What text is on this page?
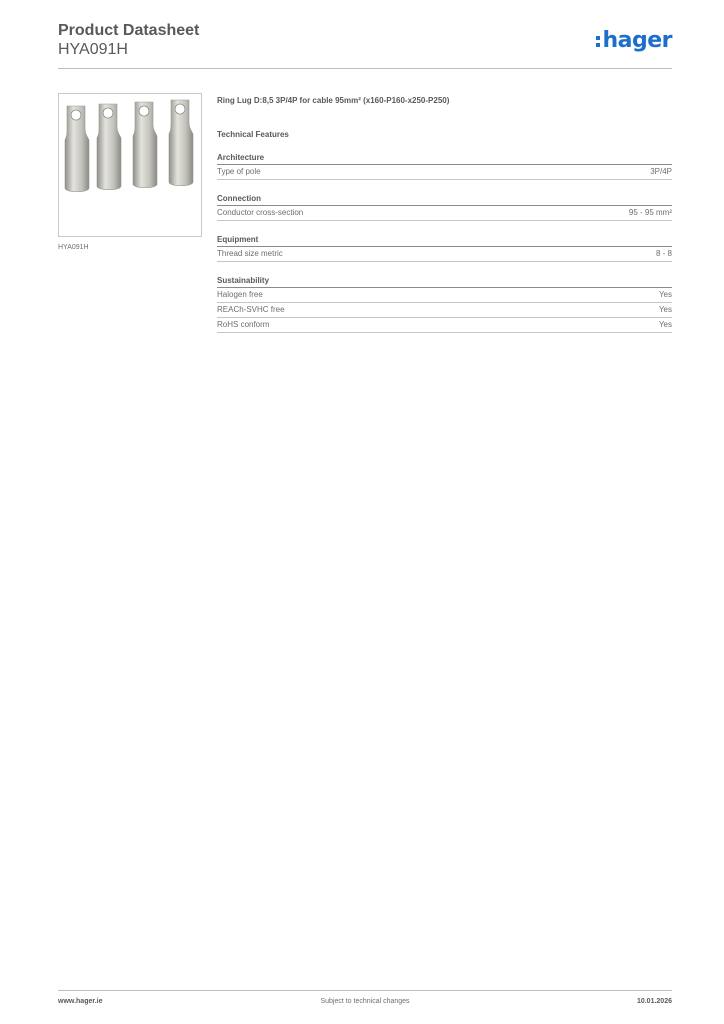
Product Datasheet
HYA091H	hager
HYA091H
Ring Lug D:8,5 3P/4P for cable 95mm² (x160-P160-x250-P250)
Technical Features
Architecture
Type of pole	3P/4P
Connection
Conductor cross-section	95 - 95 mm²
Equipment
Thread size metric	8 - 8
Sustainability
Halogen free	Yes
REACh-SVHC free	Yes
RoHS conform	Yes
www.hager.ie	Subject to technical changes	10.01.2026
